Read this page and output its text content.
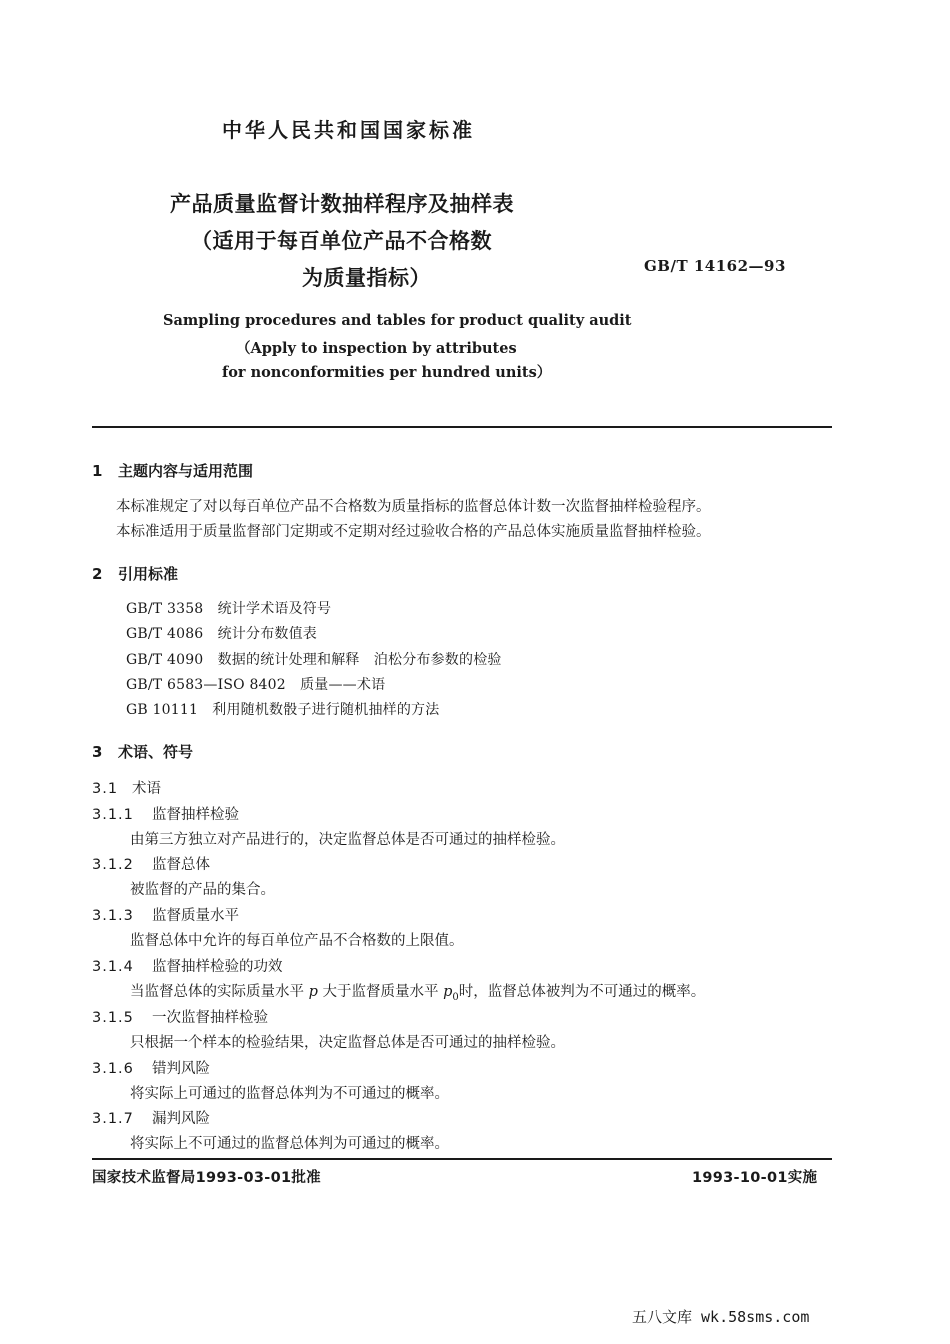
中华人民共和国国家标准
产品质量监督计数抽样程序及抽样表
（适用于每百单位产品不合格数
为质量指标）	GB/T 14162—93
Sampling procedures and tables for product quality audit
（Apply to inspection by attributes
for nonconformities per hundred units）
1 主题内容与适用范围
本标准规定了对以每百单位产品不合格数为质量指标的监督总体计数一次监督抽样检验程序。
本标准适用于质量监督部门定期或不定期对经过验收合格的产品总体实施质量监督抽样检验。
2 引用标准
GB/T 3358　统计学术语及符号
GB/T 4086　统计分布数值表
GB/T 4090　数据的统计处理和解释　泊松分布参数的检验
GB/T 6583—ISO 8402　质量——术语
GB 10111　利用随机数骰子进行随机抽样的方法
3 术语、符号
3.1 术语
3.1.1 监督抽样检验
由第三方独立对产品进行的，决定监督总体是否可通过的抽样检验。
3.1.2 监督总体
被监督的产品的集合。
3.1.3 监督质量水平
监督总体中允许的每百单位产品不合格数的上限值。
3.1.4 监督抽样检验的功效
当监督总体的实际质量水平 p 大于监督质量水平 $p_0$时，监督总体被判为不可通过的概率。
3.1.5 一次监督抽样检验
只根据一个样本的检验结果，决定监督总体是否可通过的抽样检验。
3.1.6 错判风险
将实际上可通过的监督总体判为不可通过的概率。
3.1.7 漏判风险
将实际上不可通过的监督总体判为可通过的概率。
国家技术监督局1993-03-01批准	1993-10-01实施
五八文库 wk.58sms.com
